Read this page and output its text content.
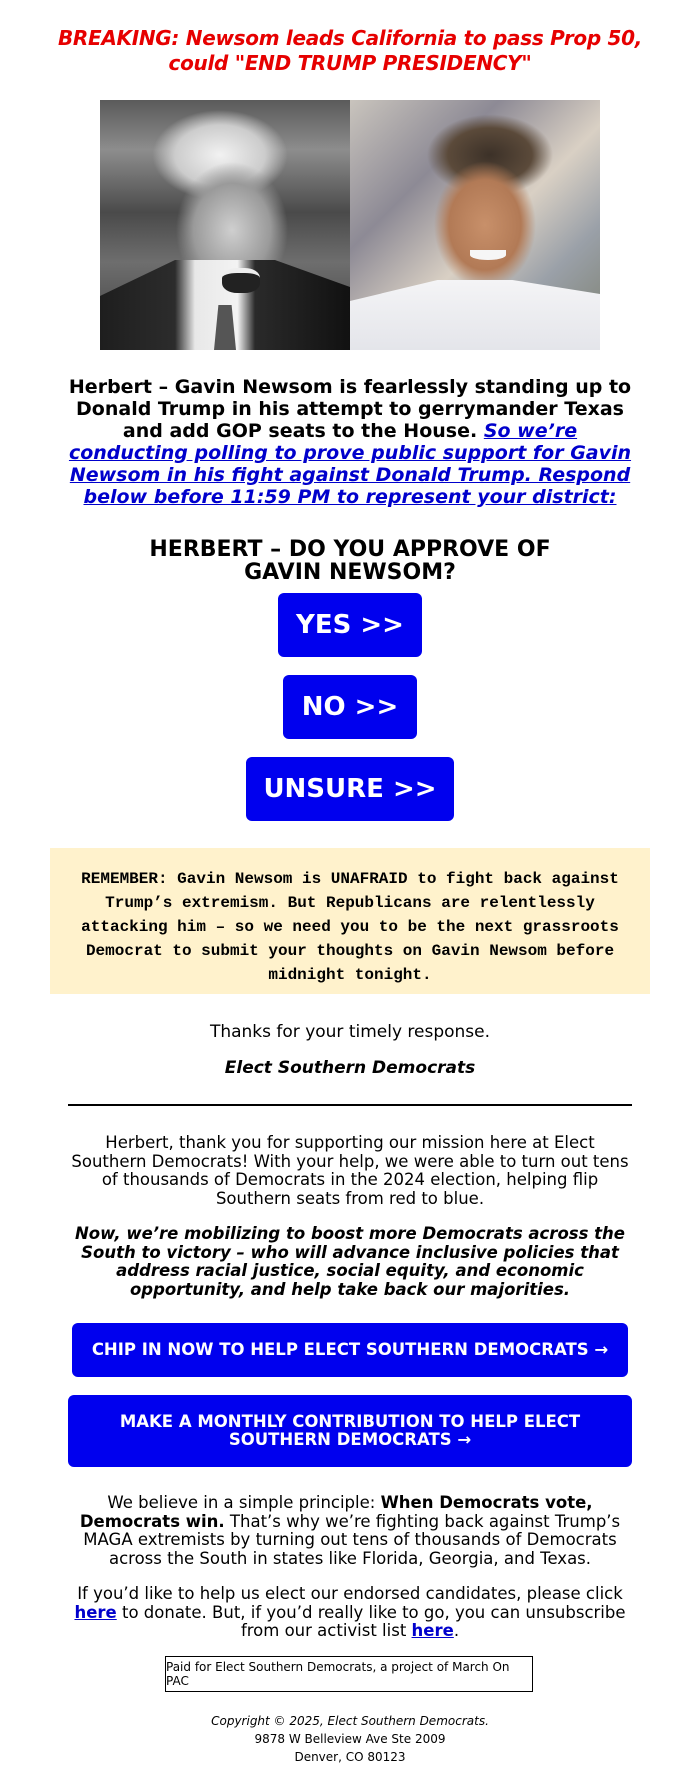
BREAKING: Newsom leads California to pass Prop 50,
could "END TRUMP PRESIDENCY"
Herbert – Gavin Newsom is fearlessly standing up to Donald Trump in his attempt to gerrymander Texas and add GOP seats to the House. So we’re conducting polling to prove public support for Gavin Newsom in his fight against Donald Trump. Respond below before 11:59 PM to represent your district:
HERBERT – DO YOU APPROVE OF
GAVIN NEWSOM?
YES >>
NO >>
UNSURE >>
REMEMBER: Gavin Newsom is UNAFRAID to fight back against Trump’s extremism. But Republicans are relentlessly attacking him – so we need you to be the next grassroots Democrat to submit your thoughts on Gavin Newsom before midnight tonight.
Thanks for your timely response.
Elect Southern Democrats
Herbert, thank you for supporting our mission here at Elect Southern Democrats! With your help, we were able to turn out tens of thousands of Democrats in the 2024 election, helping flip Southern seats from red to blue.
Now, we’re mobilizing to boost more Democrats across the South to victory – who will advance inclusive policies that address racial justice, social equity, and economic opportunity, and help take back our majorities.
CHIP IN NOW TO HELP ELECT SOUTHERN DEMOCRATS →
MAKE A MONTHLY CONTRIBUTION TO HELP ELECT SOUTHERN DEMOCRATS →
We believe in a simple principle: When Democrats vote, Democrats win. That’s why we’re fighting back against Trump’s MAGA extremists by turning out tens of thousands of Democrats across the South in states like Florida, Georgia, and Texas.
If you’d like to help us elect our endorsed candidates, please click here to donate. But, if you’d really like to go, you can unsubscribe from our activist list here.
Paid for Elect Southern Democrats, a project of March On PAC
Copyright © 2025, Elect Southern Democrats.
9878 W Belleview Ave Ste 2009
Denver, CO 80123
